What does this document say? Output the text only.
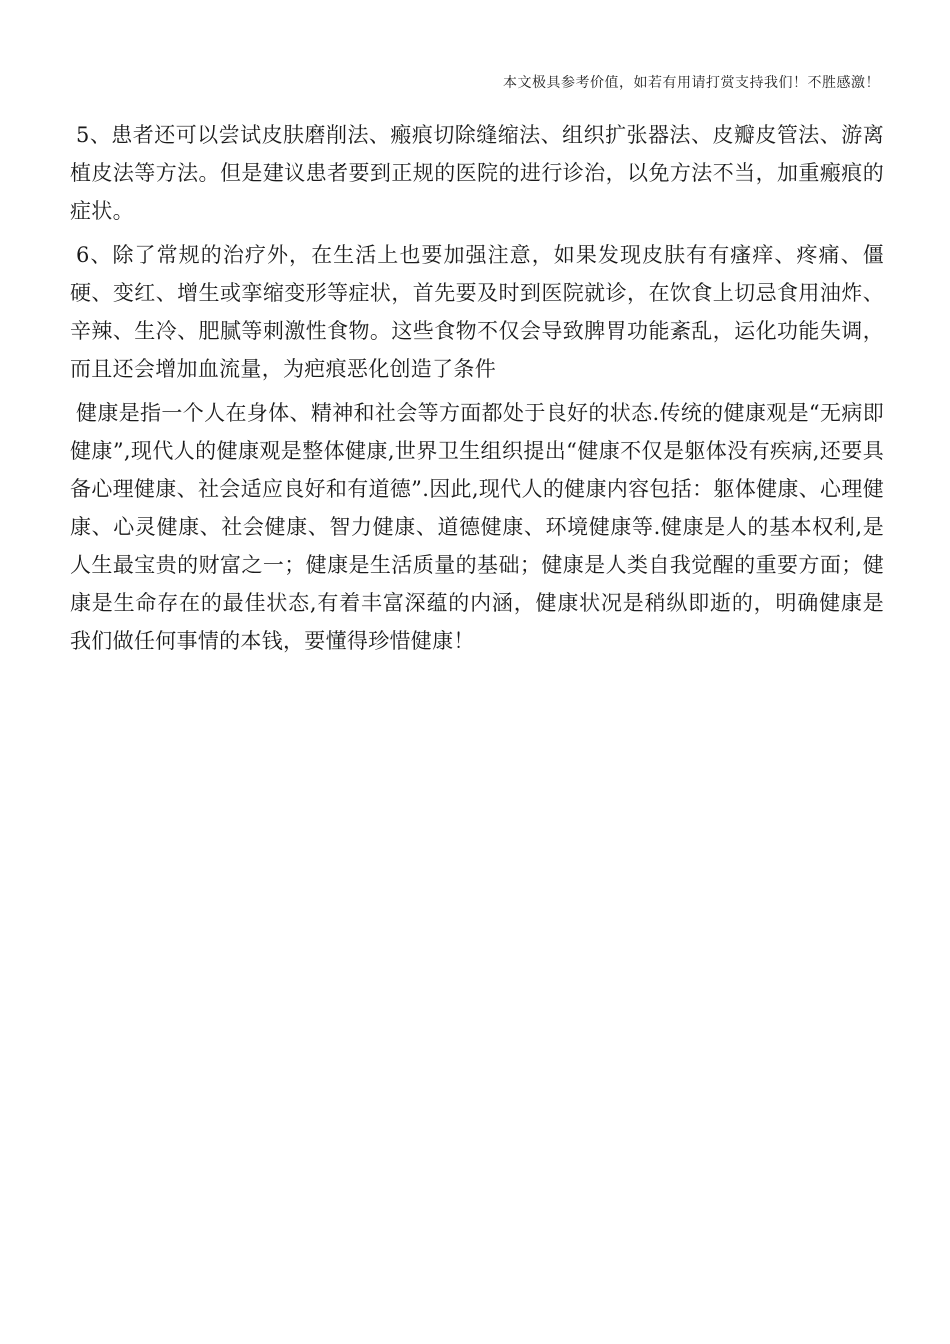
本文极具参考价值，如若有用请打赏支持我们！不胜感激！

5、患者还可以尝试皮肤磨削法、瘢痕切除缝缩法、组织扩张器法、皮瓣皮管法、游离植皮法等方法。但是建议患者要到正规的医院的进行诊治，以免方法不当，加重瘢痕的症状。

6、除了常规的治疗外，在生活上也要加强注意，如果发现皮肤有有瘙痒、疼痛、僵硬、变红、增生或挛缩变形等症状，首先要及时到医院就诊，在饮食上切忌食用油炸、辛辣、生冷、肥腻等刺激性食物。这些食物不仅会导致脾胃功能紊乱，运化功能失调，而且还会增加血流量，为疤痕恶化创造了条件

健康是指一个人在身体、精神和社会等方面都处于良好的状态.传统的健康观是“无病即健康”,现代人的健康观是整体健康,世界卫生组织提出“健康不仅是躯体没有疾病,还要具备心理健康、社会适应良好和有道德”.因此,现代人的健康内容包括：躯体健康、心理健康、心灵健康、社会健康、智力健康、道德健康、环境健康等.健康是人的基本权利,是人生最宝贵的财富之一；健康是生活质量的基础；健康是人类自我觉醒的重要方面；健康是生命存在的最佳状态,有着丰富深蕴的内涵，健康状况是稍纵即逝的，明确健康是我们做任何事情的本钱，要懂得珍惜健康！
